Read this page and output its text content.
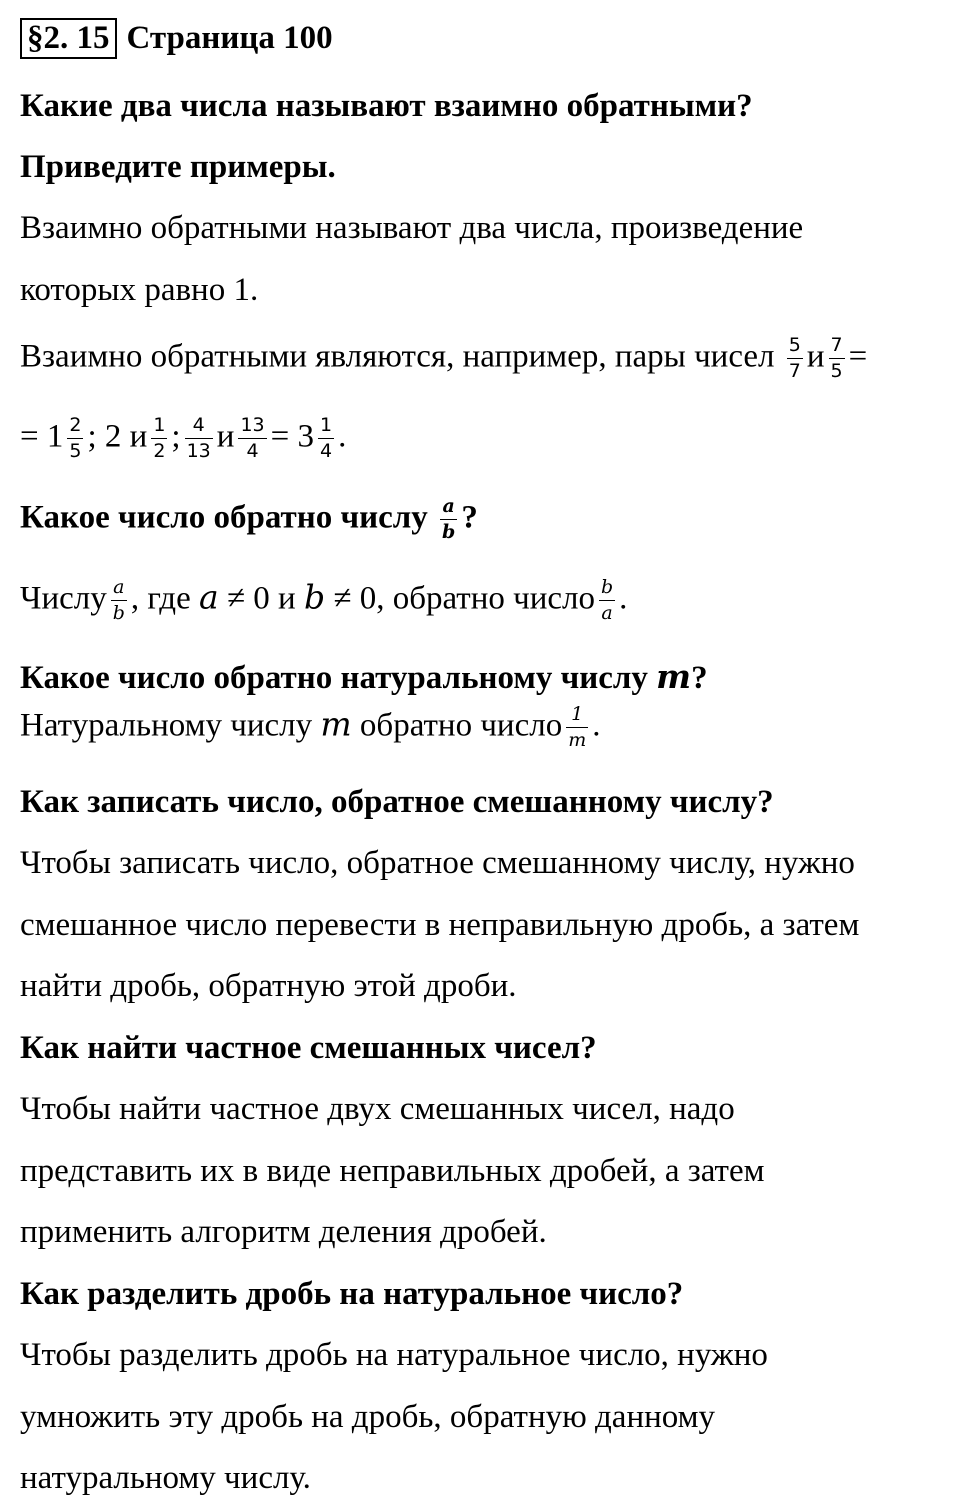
§2. 15 Страница 100
Какие два числа называют взаимно обратными?
Приведите примеры.
Взаимно обратными называют два числа, произведение
которых равно 1.
Взаимно обратными являются, например, пары чисел $\frac{5}{7}$ и $\frac{7}{5}$ =
= $1 \frac{2}{5}$ ; 2 и $\frac{1}{2}$ ; $\frac{4}{13}$ и $\frac{13}{4} = 3 \frac{1}{4}$ .
Какое число обратно числу $\frac{a}{b}$ ?
Числу $\frac{a}{b}$ , где a ≠ 0 и b ≠ 0, обратно число $\frac{b}{a}$ .
Какое число обратно натуральному числу m?
Натуральному числу m обратно число $\frac{1}{m}$ .
Как записать число, обратное смешанному числу?
Чтобы записать число, обратное смешанному числу, нужно
смешанное число перевести в неправильную дробь, а затем
найти дробь, обратную этой дроби.
Как найти частное смешанных чисел?
Чтобы найти частное двух смешанных чисел, надо
представить их в виде неправильных дробей, а затем
применить алгоритм деления дробей.
Как разделить дробь на натуральное число?
Чтобы разделить дробь на натуральное число, нужно
умножить эту дробь на дробь, обратную данному
натуральному числу.
